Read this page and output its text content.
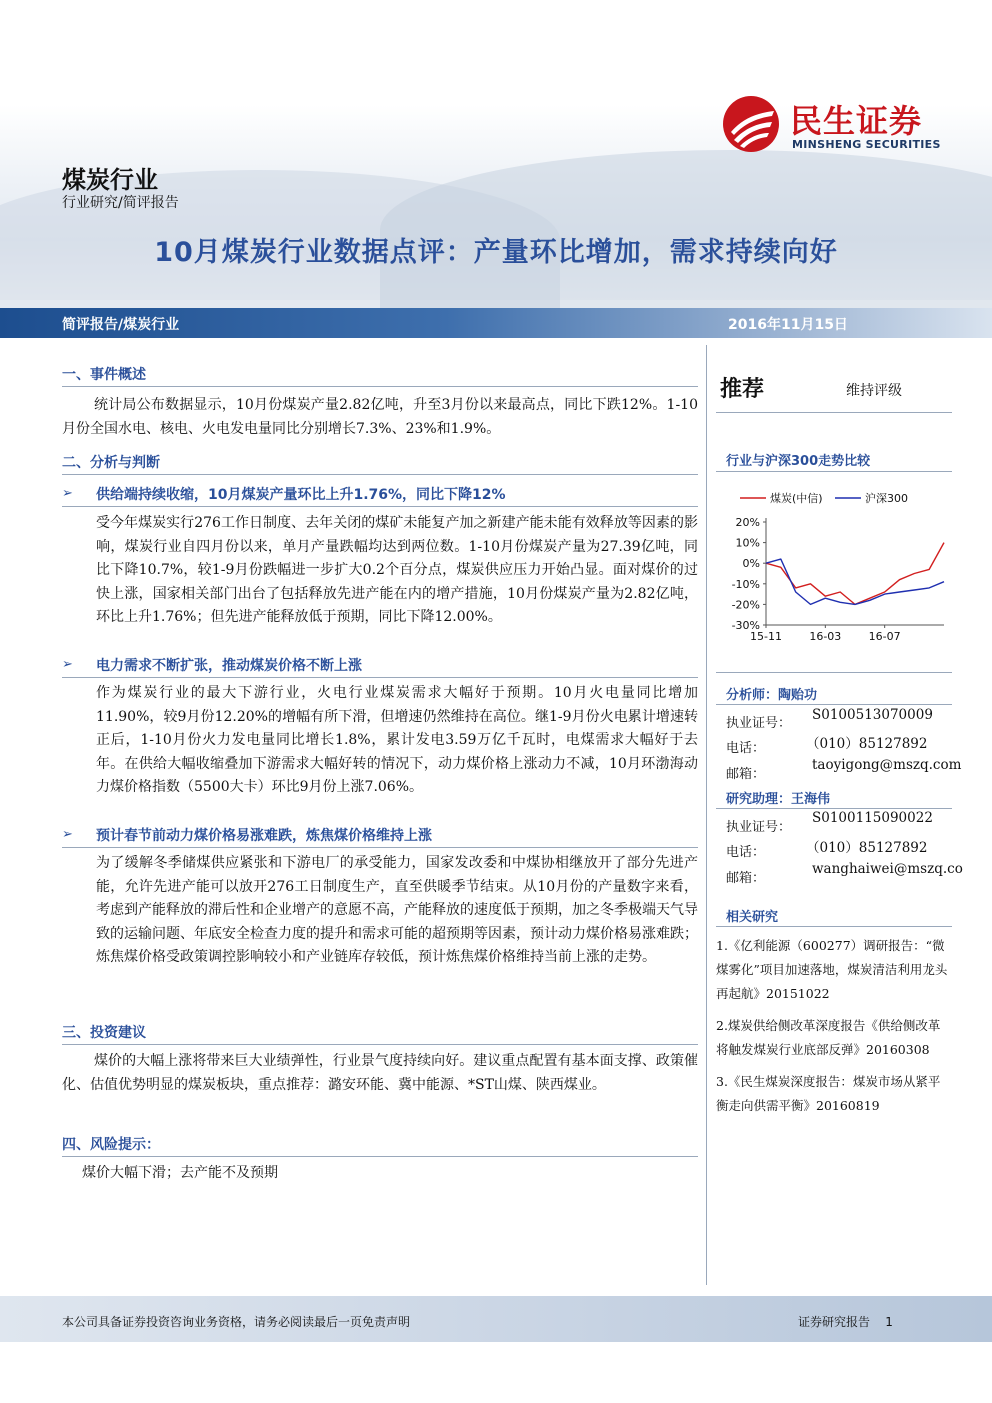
民生证券
MINSHENG SECURITIES
煤炭行业
行业研究/简评报告
10月煤炭行业数据点评：产量环比增加，需求持续向好
简评报告/煤炭行业	2016年11月15日
一、事件概述
统计局公布数据显示，10月份煤炭产量2.82亿吨，升至3月份以来最高点，同比下跌12%。1-10月份全国水电、核电、火电发电量同比分别增长7.3%、23%和1.9%。
二、分析与判断
➢ 供给端持续收缩，10月煤炭产量环比上升1.76%，同比下降12%
受今年煤炭实行276工作日制度、去年关闭的煤矿未能复产加之新建产能未能有效释放等因素的影响，煤炭行业自四月份以来，单月产量跌幅均达到两位数。1-10月份煤炭产量为27.39亿吨，同比下降10.7%，较1-9月份跌幅进一步扩大0.2个百分点，煤炭供应压力开始凸显。面对煤价的过快上涨，国家相关部门出台了包括释放先进产能在内的增产措施，10月份煤炭产量为2.82亿吨，环比上升1.76%；但先进产能释放低于预期，同比下降12.00%。
➢ 电力需求不断扩张，推动煤炭价格不断上涨
作为煤炭行业的最大下游行业，火电行业煤炭需求大幅好于预期。10月火电量同比增加11.90%，较9月份12.20%的增幅有所下滑，但增速仍然维持在高位。继1-9月份火电累计增速转正后，1-10月份火力发电量同比增长1.8%，累计发电3.59万亿千瓦时，电煤需求大幅好于去年。在供给大幅收缩叠加下游需求大幅好转的情况下，动力煤价格上涨动力不减，10月环渤海动力煤价格指数（5500大卡）环比9月份上涨7.06%。
➢ 预计春节前动力煤价格易涨难跌，炼焦煤价格维持上涨
为了缓解冬季储煤供应紧张和下游电厂的承受能力，国家发改委和中煤协相继放开了部分先进产能，允许先进产能可以放开276工日制度生产，直至供暖季节结束。从10月份的产量数字来看，考虑到产能释放的滞后性和企业增产的意愿不高，产能释放的速度低于预期，加之冬季极端天气导致的运输问题、年底安全检查力度的提升和需求可能的超预期等因素，预计动力煤价格易涨难跌；炼焦煤价格受政策调控影响较小和产业链库存较低，预计炼焦煤价格维持当前上涨的走势。
三、投资建议
煤价的大幅上涨将带来巨大业绩弹性，行业景气度持续向好。建议重点配置有基本面支撑、政策催化、估值优势明显的煤炭板块，重点推荐：潞安环能、冀中能源、*ST山煤、陕西煤业。
四、风险提示：
煤价大幅下滑；去产能不及预期
推荐	维持评级
行业与沪深300走势比较
20%
10%
0%
-10%
-20%
-30%
15-11 16-03 16-07
煤炭(中信)	沪深300
分析师：陶贻功
执业证号：
S0100513070009
电话：	（010）85127892
邮箱：
taoyigong@mszq.com
研究助理：王海伟
执业证号：
S0100115090022
电话：	（010）85127892
邮箱：
wanghaiwei@mszq.co
相关研究
1.《亿利能源（600277）调研报告：“微煤雾化”项目加速落地，煤炭清洁利用龙头再起航》20151022
2.煤炭供给侧改革深度报告《供给侧改革将触发煤炭行业底部反弹》20160308
3.《民生煤炭深度报告：煤炭市场从紧平衡走向供需平衡》20160819
本公司具备证券投资咨询业务资格，请务必阅读最后一页免责声明	证券研究报告    1
